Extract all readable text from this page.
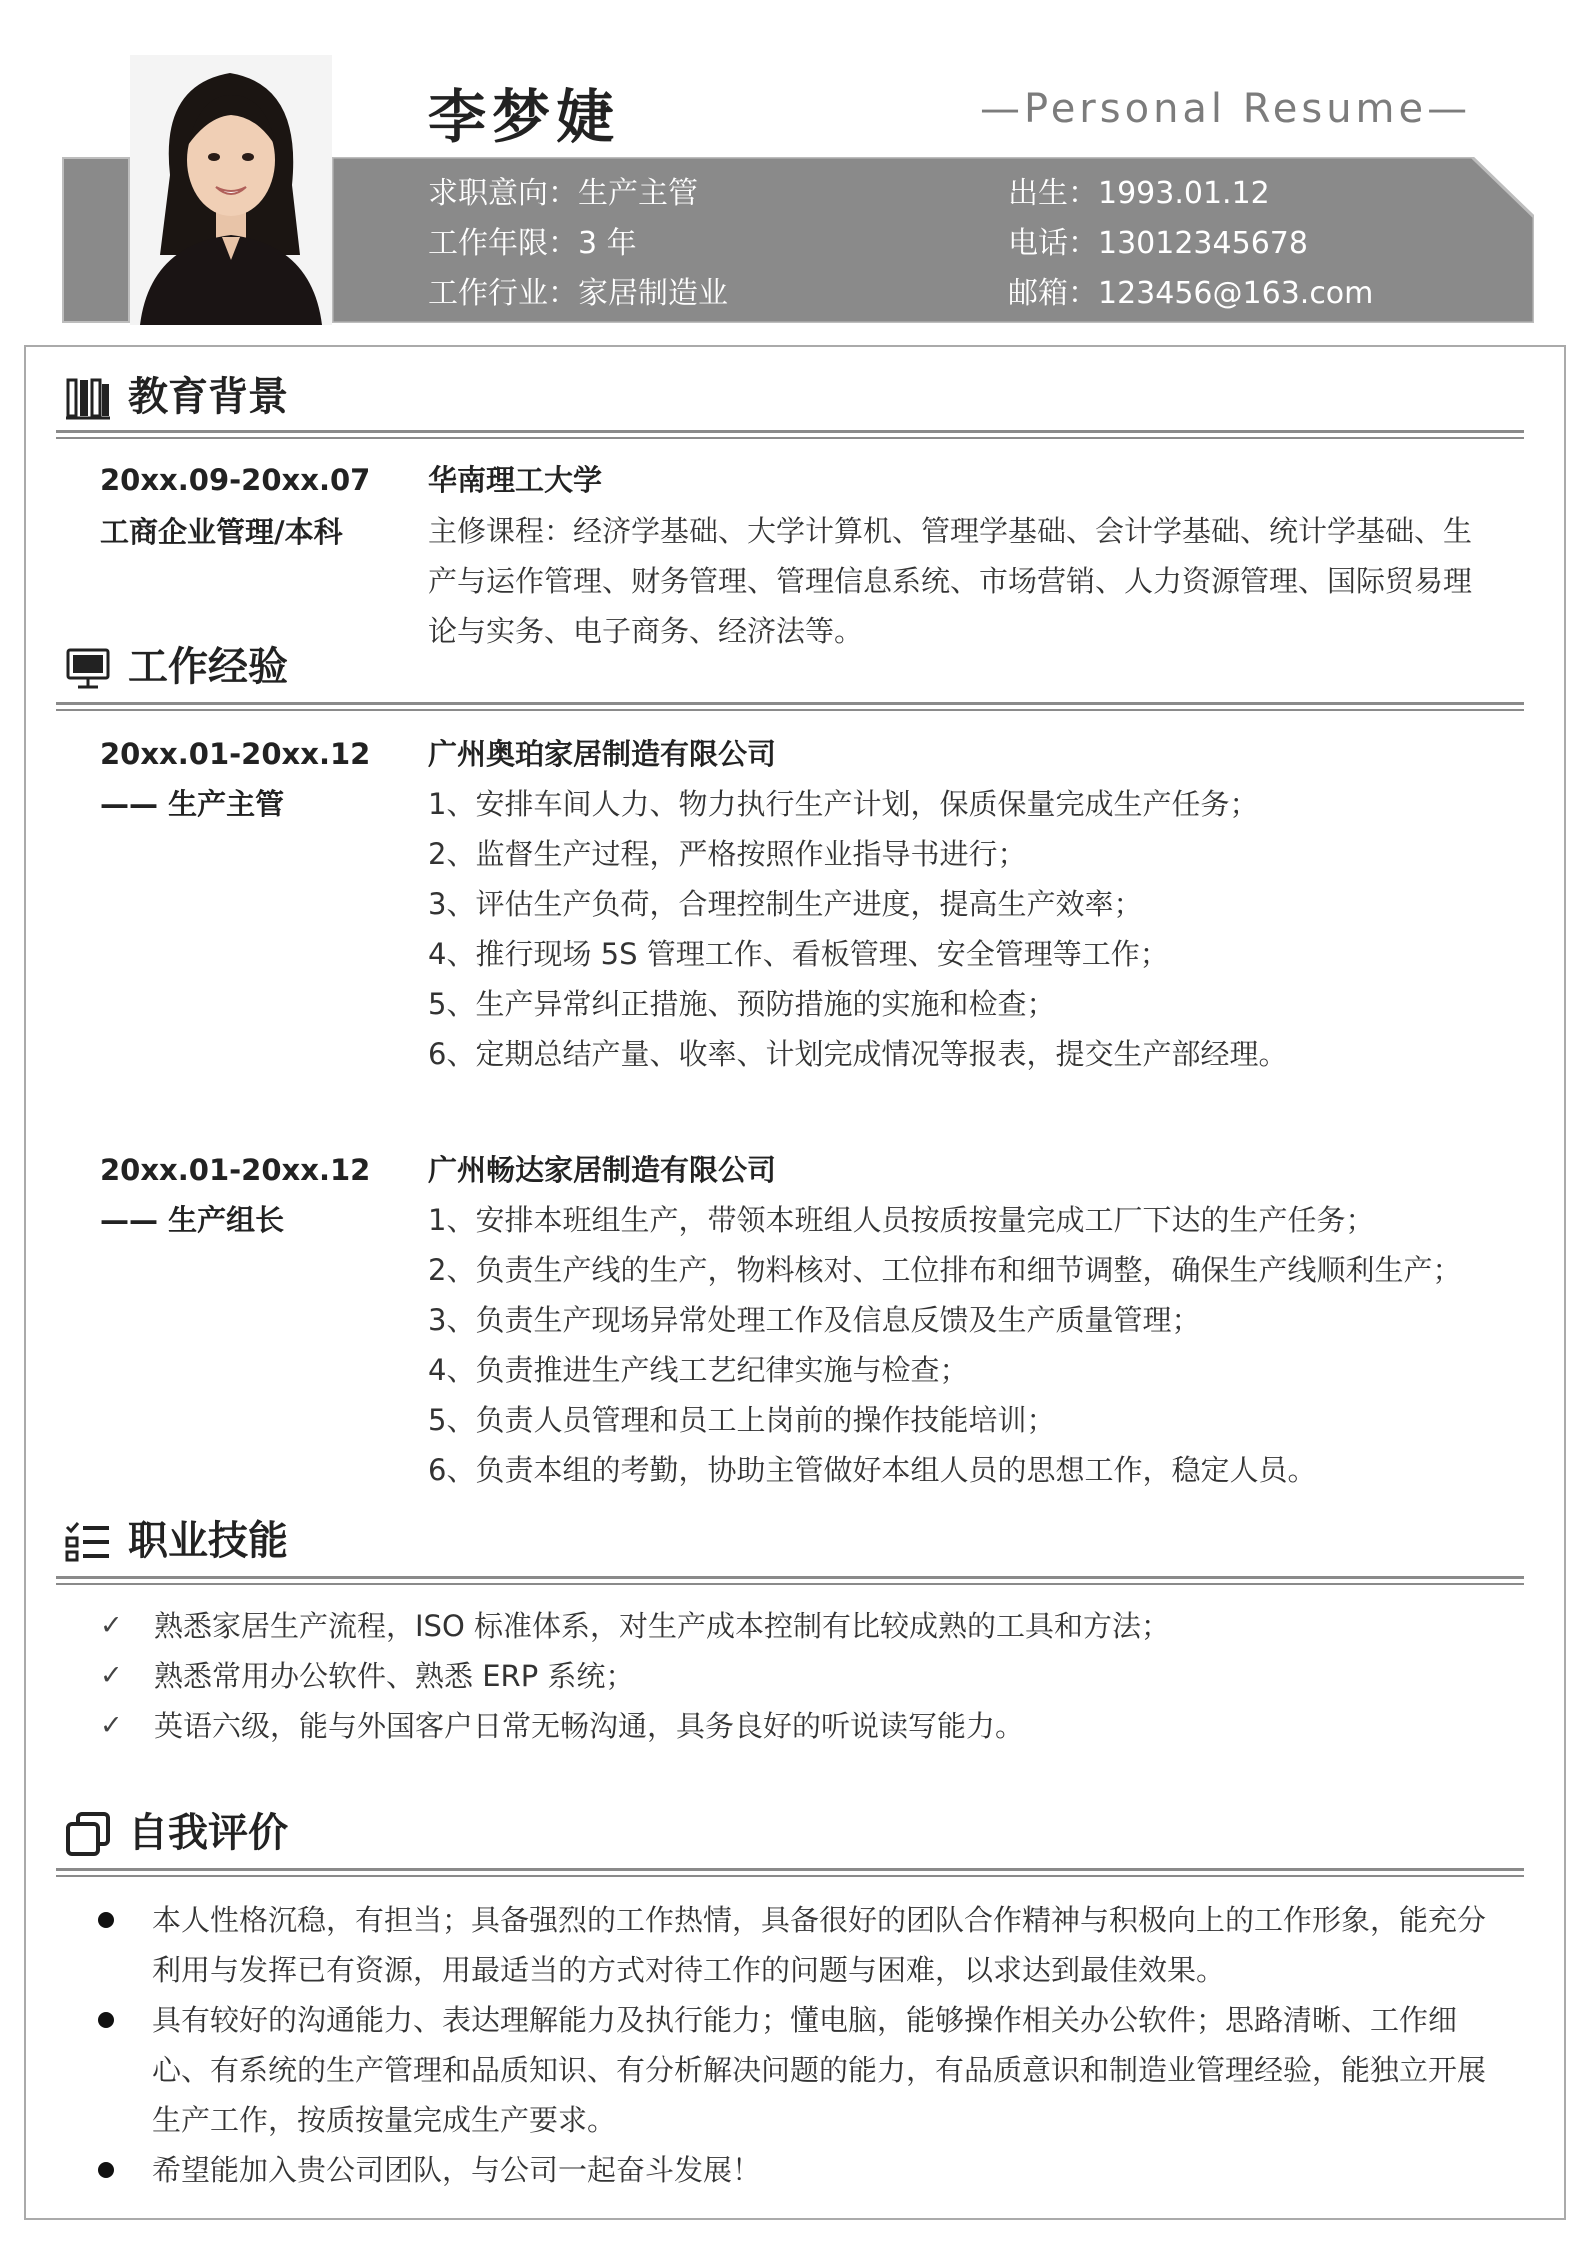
李梦婕	—Personal Resume—
求职意向：生产主管
工作年限：3 年
工作行业：家居制造业
出生：1993.01.12
电话：13012345678
邮箱：123456@163.com
教育背景
20xx.09-20xx.07
工商企业管理/本科
华南理工大学
主修课程：经济学基础、大学计算机、管理学基础、会计学基础、统计学基础、生产与运作管理、财务管理、管理信息系统、市场营销、人力资源管理、国际贸易理论与实务、电子商务、经济法等。
工作经验
20xx.01-20xx.12
—— 生产主管
广州奥珀家居制造有限公司
1、安排车间人力、物力执行生产计划，保质保量完成生产任务；
2、监督生产过程，严格按照作业指导书进行；
3、评估生产负荷，合理控制生产进度，提高生产效率；
4、推行现场 5S 管理工作、看板管理、安全管理等工作；
5、生产异常纠正措施、预防措施的实施和检查；
6、定期总结产量、收率、计划完成情况等报表，提交生产部经理。
20xx.01-20xx.12
—— 生产组长
广州畅达家居制造有限公司
1、安排本班组生产，带领本班组人员按质按量完成工厂下达的生产任务；
2、负责生产线的生产，物料核对、工位排布和细节调整，确保生产线顺利生产；
3、负责生产现场异常处理工作及信息反馈及生产质量管理；
4、负责推进生产线工艺纪律实施与检查；
5、负责人员管理和员工上岗前的操作技能培训；
6、负责本组的考勤，协助主管做好本组人员的思想工作，稳定人员。
职业技能
✓ 熟悉家居生产流程，ISO 标准体系，对生产成本控制有比较成熟的工具和方法；
✓ 熟悉常用办公软件、熟悉 ERP 系统；
✓ 英语六级，能与外国客户日常无畅沟通，具务良好的听说读写能力。
自我评价
本人性格沉稳，有担当；具备强烈的工作热情，具备很好的团队合作精神与积极向上的工作形象，能充分利用与发挥已有资源，用最适当的方式对待工作的问题与困难，以求达到最佳效果。
具有较好的沟通能力、表达理解能力及执行能力；懂电脑，能够操作相关办公软件；思路清晰、工作细心、有系统的生产管理和品质知识、有分析解决问题的能力，有品质意识和制造业管理经验，能独立开展生产工作，按质按量完成生产要求。
希望能加入贵公司团队，与公司一起奋斗发展！
